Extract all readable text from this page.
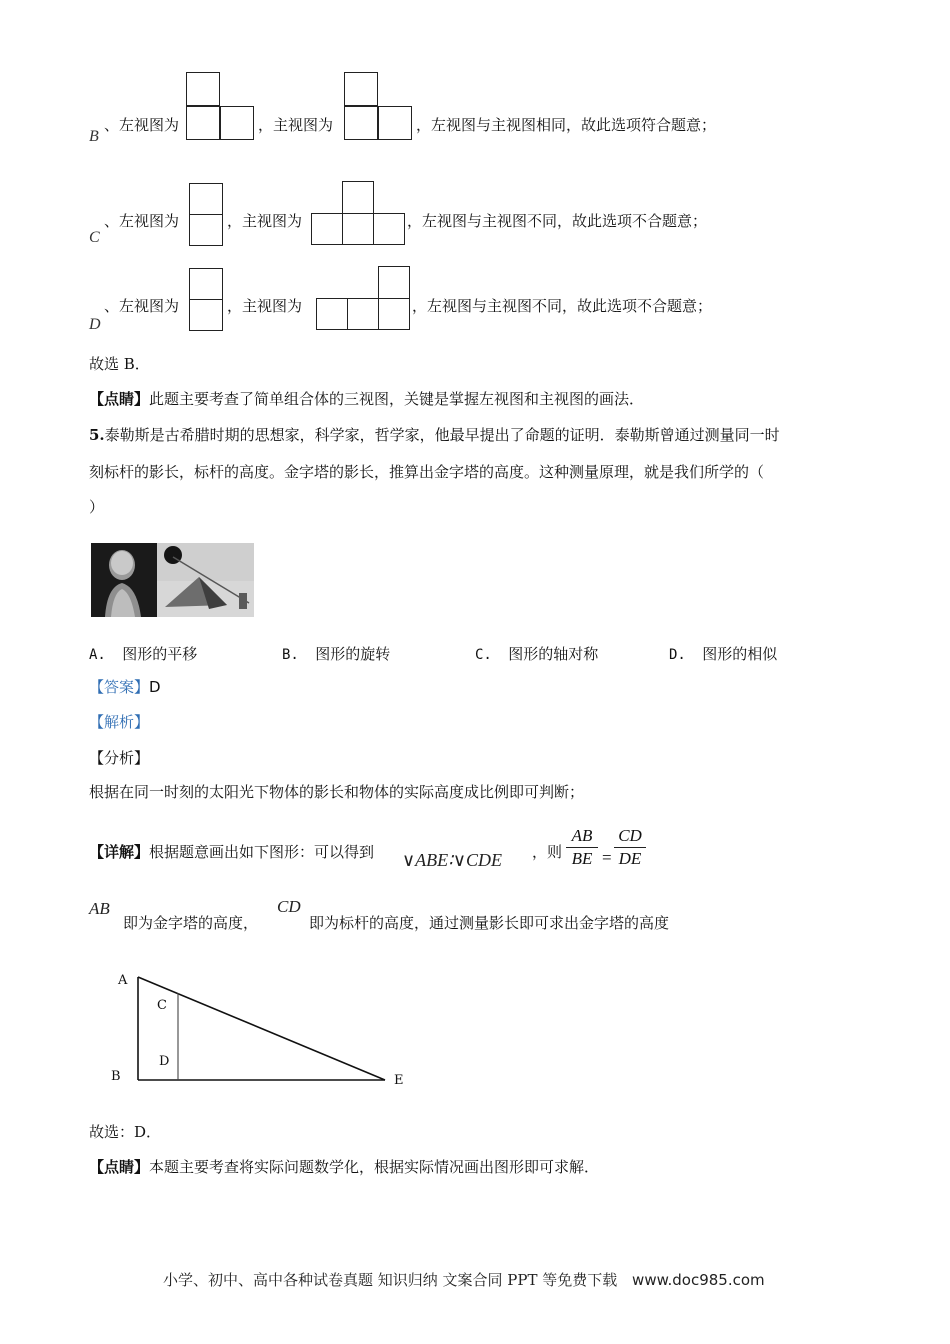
B
、左视图为	，主视图为	，左视图与主视图相同，故此选项符合题意；
C
、左视图为	，主视图为	，左视图与主视图不同，故此选项不合题意；
D
、左视图为	，主视图为	，左视图与主视图不同，故此选项不合题意；
故选 B．
【点睛】此题主要考查了简单组合体的三视图，关键是掌握左视图和主视图的画法．
5.泰勒斯是古希腊时期的思想家，科学家，哲学家，他最早提出了命题的证明．泰勒斯曾通过测量同一时
刻标杆的影长，标杆的高度。金字塔的影长，推算出金字塔的高度。这种测量原理，就是我们所学的（
）
A. 图形的平移	B. 图形的旋转	C. 图形的轴对称	D. 图形的相似
【答案】D
【解析】
【分析】
根据在同一时刻的太阳光下物体的影长和物体的实际高度成比例即可判断；
【详解】根据题意画出如下图形：可以得到 ∨ABE∶∨CDE ，则 $\frac{AB}{BE} = \frac{CD}{DE}$
AB
即为金字塔的高度，
CD
即为标杆的高度，通过测量影长即可求出金字塔的高度
A
B
C
D
E
故选：D．
【点睛】本题主要考查将实际问题数学化，根据实际情况画出图形即可求解．
小学、初中、高中各种试卷真题 知识归纳 文案合同 PPT 等免费下载 www.doc985.com
